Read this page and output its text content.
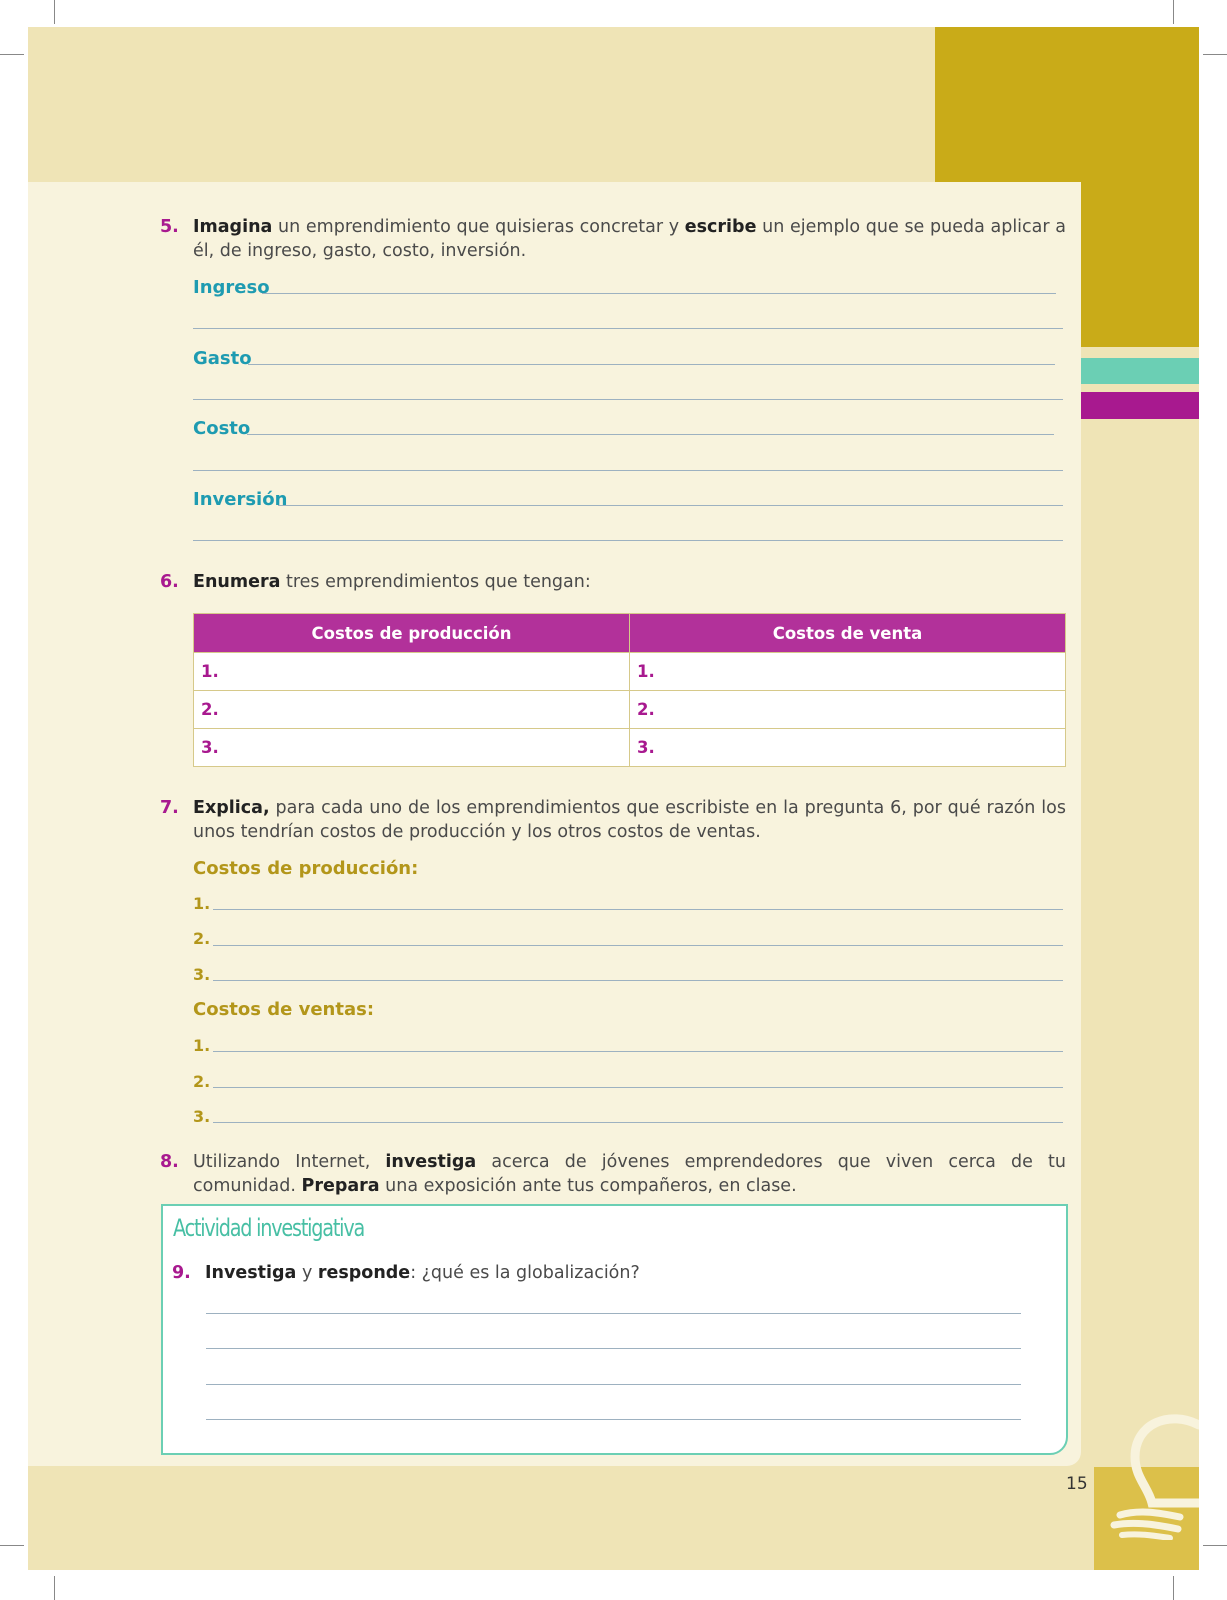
5. Imagina un emprendimiento que quisieras concretar y escribe un ejemplo que se pueda aplicar a él, de ingreso, gasto, costo, inversión.
Ingreso
Gasto
Costo
Inversión
6. Enumera tres emprendimientos que tengan:
Costos de producción	Costos de venta
1.	1.
2.	2.
3.	3.
7. Explica, para cada uno de los emprendimientos que escribiste en la pregunta 6, por qué razón los unos tendrían costos de producción y los otros costos de ventas.
Costos de producción:
1.
2.
3.
Costos de ventas:
1.
2.
3.
8. Utilizando Internet, investiga acerca de jóvenes emprendedores que viven cerca de tu comunidad. Prepara una exposición ante tus compañeros, en clase.
Actividad investigativa
9. Investiga y responde: ¿qué es la globalización?
15
